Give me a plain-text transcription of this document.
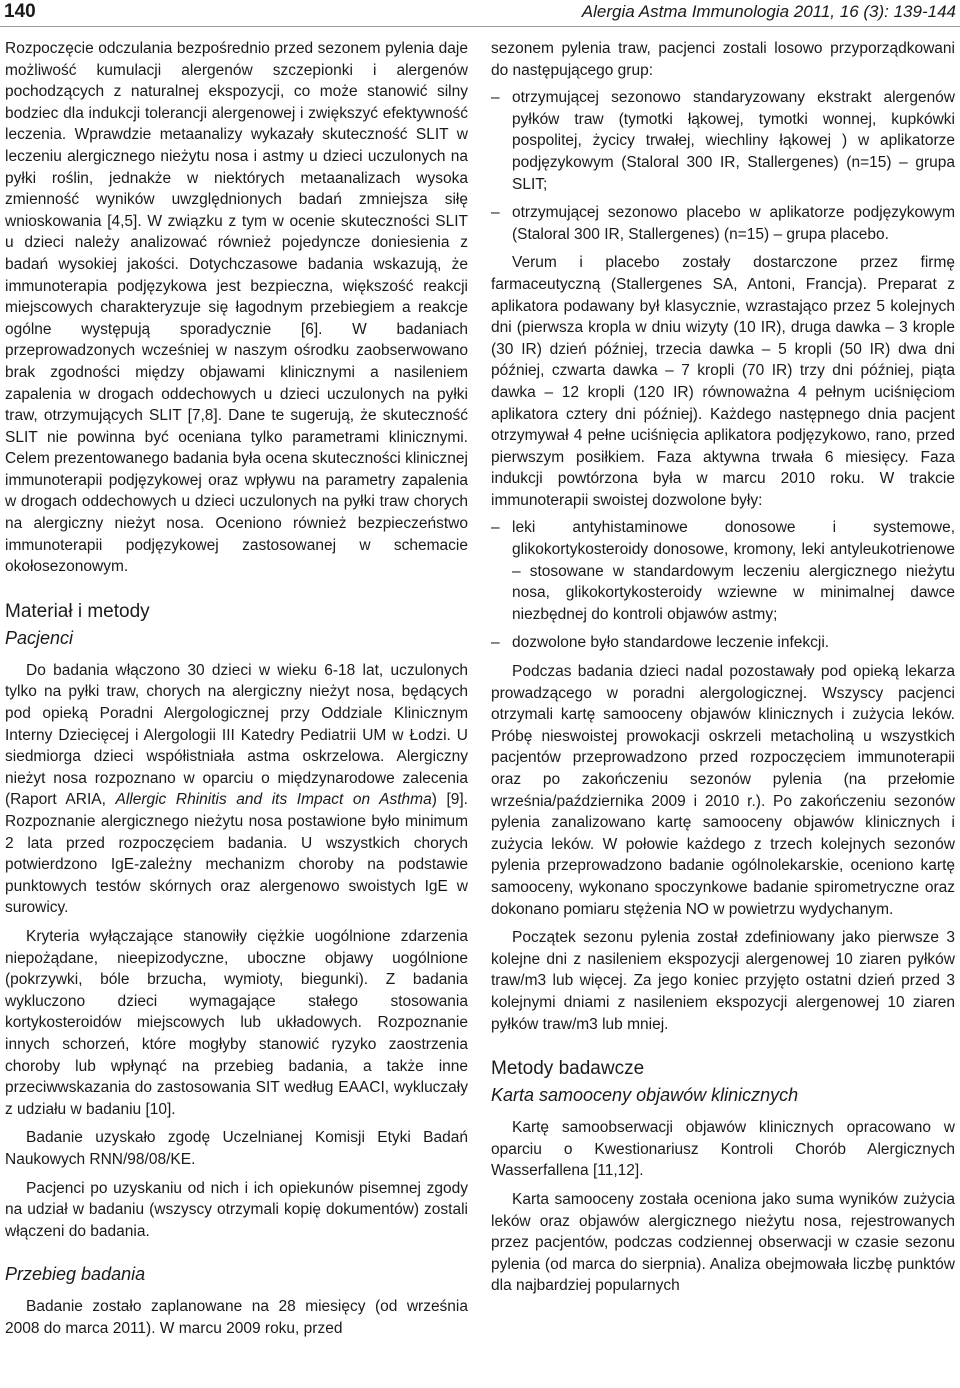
140	Alergia Astma Immunologia 2011, 16 (3): 139-144

Rozpoczęcie odczulania bezpośrednio przed sezonem pylenia daje możliwość kumulacji alergenów szczepionki i alergenów pochodzących z naturalnej ekspozycji, co może stanowić silny bodziec dla indukcji tolerancji alergenowej i zwiększyć efektywność leczenia. Wprawdzie metaanalizy wykazały skuteczność SLIT w leczeniu alergicznego nieżytu nosa i astmy u dzieci uczulonych na pyłki roślin, jednakże w niektórych metaanalizach wysoka zmienność wyników uwzględnionych badań zmniejsza siłę wnioskowania [4,5]. W związku z tym w ocenie skuteczności SLIT u dzieci należy analizować również pojedyncze doniesienia z badań wysokiej jakości. Dotychczasowe badania wskazują, że immunoterapia podjęzykowa jest bezpieczna, większość reakcji miejscowych charakteryzuje się łagodnym przebiegiem a reakcje ogólne występują sporadycznie [6]. W badaniach przeprowadzonych wcześniej w naszym ośrodku zaobserwowano brak zgodności między objawami klinicznymi a nasileniem zapalenia w drogach oddechowych u dzieci uczulonych na pyłki traw, otrzymujących SLIT [7,8]. Dane te sugerują, że skuteczność SLIT nie powinna być oceniana tylko parametrami klinicznymi. Celem prezentowanego badania była ocena skuteczności klinicznej immunoterapii podjęzykowej oraz wpływu na parametry zapalenia w drogach oddechowych u dzieci uczulonych na pyłki traw chorych na alergiczny nieżyt nosa. Oceniono również bezpieczeństwo immunoterapii podjęzykowej zastosowanej w schemacie okołosezonowym.

Materiał i metody
Pacjenci

Do badania włączono 30 dzieci w wieku 6-18 lat, uczulonych tylko na pyłki traw, chorych na alergiczny nieżyt nosa, będących pod opieką Poradni Alergologicznej przy Oddziale Klinicznym Interny Dziecięcej i Alergologii III Katedry Pediatrii UM w Łodzi. U siedmiorga dzieci współistniała astma oskrzelowa. Alergiczny nieżyt nosa rozpoznano w oparciu o międzynarodowe zalecenia (Raport ARIA, Allergic Rhinitis and its Impact on Asthma) [9]. Rozpoznanie alergicznego nieżytu nosa postawione było minimum 2 lata przed rozpoczęciem badania. U wszystkich chorych potwierdzono IgE-zależny mechanizm choroby na podstawie punktowych testów skórnych oraz alergenowo swoistych IgE w surowicy.

Kryteria wyłączające stanowiły ciężkie uogólnione zdarzenia niepożądane, nieepizodyczne, uboczne objawy uogólnione (pokrzywki, bóle brzucha, wymioty, biegunki). Z badania wykluczono dzieci wymagające stałego stosowania kortykosteroidów miejscowych lub układowych. Rozpoznanie innych schorzeń, które mogłyby stanowić ryzyko zaostrzenia choroby lub wpłynąć na przebieg badania, a także inne przeciwwskazania do zastosowania SIT według EAACI, wykluczały z udziału w badaniu [10].

Badanie uzyskało zgodę Uczelnianej Komisji Etyki Badań Naukowych RNN/98/08/KE.

Pacjenci po uzyskaniu od nich i ich opiekunów pisemnej zgody na udział w badaniu (wszyscy otrzymali kopię dokumentów) zostali włączeni do badania.

Przebieg badania

Badanie zostało zaplanowane na 28 miesięcy (od września 2008 do marca 2011). W marcu 2009 roku, przed

sezonem pylenia traw, pacjenci zostali losowo przyporządkowani do następującego grup:

– otrzymującej sezonowo standaryzowany ekstrakt alergenów pyłków traw (tymotki łąkowej, tymotki wonnej, kupkówki pospolitej, życicy trwałej, wiechliny łąkowej ) w aplikatorze podjęzykowym (Staloral 300 IR, Stallergenes) (n=15) – grupa SLIT;
– otrzymującej sezonowo placebo w aplikatorze podjęzykowym (Staloral 300 IR, Stallergenes) (n=15) – grupa placebo.

Verum i placebo zostały dostarczone przez firmę farmaceutyczną (Stallergenes SA, Antoni, Francja). Preparat z aplikatora podawany był klasycznie, wzrastająco przez 5 kolejnych dni (pierwsza kropla w dniu wizyty (10 IR), druga dawka – 3 krople (30 IR) dzień później, trzecia dawka – 5 kropli (50 IR) dwa dni później, czwarta dawka – 7 kropli (70 IR) trzy dni później, piąta dawka – 12 kropli (120 IR) równoważna 4 pełnym uciśnięciom aplikatora cztery dni później). Każdego następnego dnia pacjent otrzymywał 4 pełne uciśnięcia aplikatora podjęzykowo, rano, przed pierwszym posiłkiem. Faza aktywna trwała 6 miesięcy. Faza indukcji powtórzona była w marcu 2010 roku. W trakcie immunoterapii swoistej dozwolone były:

– leki antyhistaminowe donosowe i systemowe, glikokortykosteroidy donosowe, kromony, leki antyleukotrienowe – stosowane w standardowym leczeniu alergicznego nieżytu nosa, glikokortykosteroidy wziewne w minimalnej dawce niezbędnej do kontroli objawów astmy;
– dozwolone było standardowe leczenie infekcji.

Podczas badania dzieci nadal pozostawały pod opieką lekarza prowadzącego w poradni alergologicznej. Wszyscy pacjenci otrzymali kartę samooceny objawów klinicznych i zużycia leków. Próbę nieswoistej prowokacji oskrzeli metacholiną u wszystkich pacjentów przeprowadzono przed rozpoczęciem immunoterapii oraz po zakończeniu sezonów pylenia (na przełomie września/października 2009 i 2010 r.). Po zakończeniu sezonów pylenia zanalizowano kartę samooceny objawów klinicznych i zużycia leków. W połowie każdego z trzech kolejnych sezonów pylenia przeprowadzono badanie ogólnolekarskie, oceniono kartę samooceny, wykonano spoczynkowe badanie spirometryczne oraz dokonano pomiaru stężenia NO w powietrzu wydychanym.

Początek sezonu pylenia został zdefiniowany jako pierwsze 3 kolejne dni z nasileniem ekspozycji alergenowej 10 ziaren pyłków traw/m3 lub więcej. Za jego koniec przyjęto ostatni dzień przed 3 kolejnymi dniami z nasileniem ekspozycji alergenowej 10 ziaren pyłków traw/m3 lub mniej.

Metody badawcze
Karta samooceny objawów klinicznych

Kartę samoobserwacji objawów klinicznych opracowano w oparciu o Kwestionariusz Kontroli Chorób Alergicznych Wasserfallena [11,12].

Karta samooceny została oceniona jako suma wyników zużycia leków oraz objawów alergicznego nieżytu nosa, rejestrowanych przez pacjentów, podczas codziennej obserwacji w czasie sezonu pylenia (od marca do sierpnia). Analiza obejmowała liczbę punktów dla najbardziej popularnych
